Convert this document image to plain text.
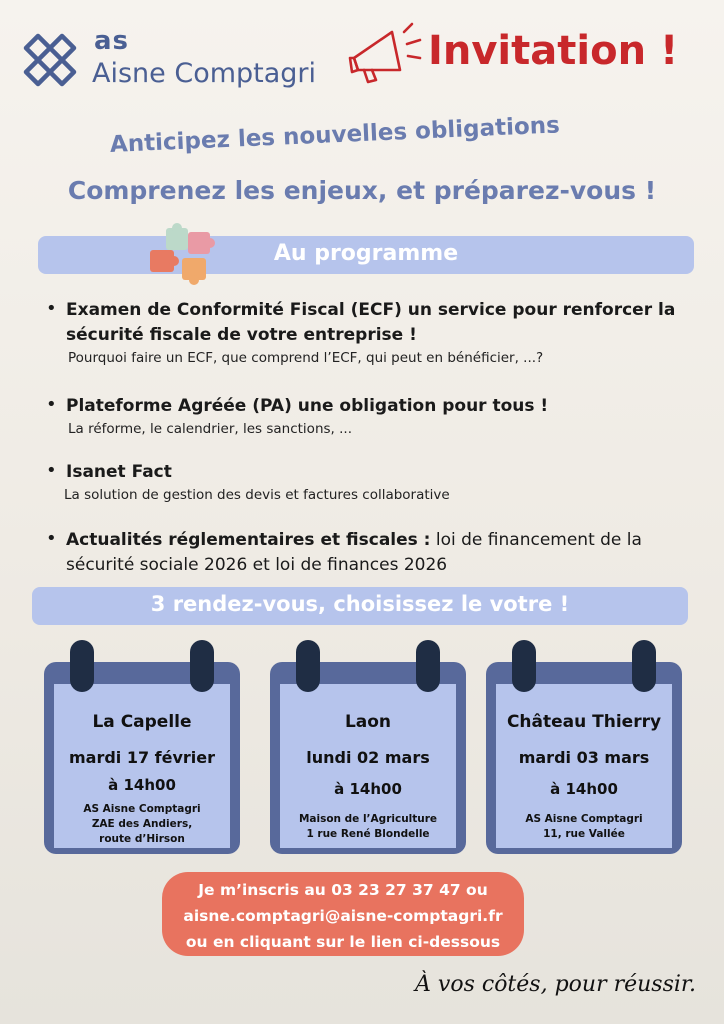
as
Aisne Comptagri	Invitation !
Anticipez les nouvelles obligations
Comprenez les enjeux, et préparez-vous !
Au programme
• Examen de Conformité Fiscal (ECF) un service pour renforcer la sécurité fiscale de votre entreprise !
Pourquoi faire un ECF, que comprend l’ECF, qui peut en bénéficier, ...?
• Plateforme Agréée (PA) une obligation pour tous !
La réforme, le calendrier, les sanctions, ...
• Isanet Fact
La solution de gestion des devis et factures collaborative
• Actualités réglementaires et fiscales : loi de financement de la sécurité sociale 2026 et loi de finances 2026
3 rendez-vous, choisissez le votre !
La Capelle
mardi 17 février
à 14h00
AS Aisne Comptagri
ZAE des Andiers,
route d’Hirson
Laon
lundi 02 mars
à 14h00
Maison de l’Agriculture
1 rue René Blondelle
Château Thierry
mardi 03 mars
à 14h00
AS Aisne Comptagri
11, rue Vallée
Je m’inscris au 03 23 27 37 47 ou
aisne.comptagri@aisne-comptagri.fr
ou en cliquant sur le lien ci-dessous
À vos côtés, pour réussir.
